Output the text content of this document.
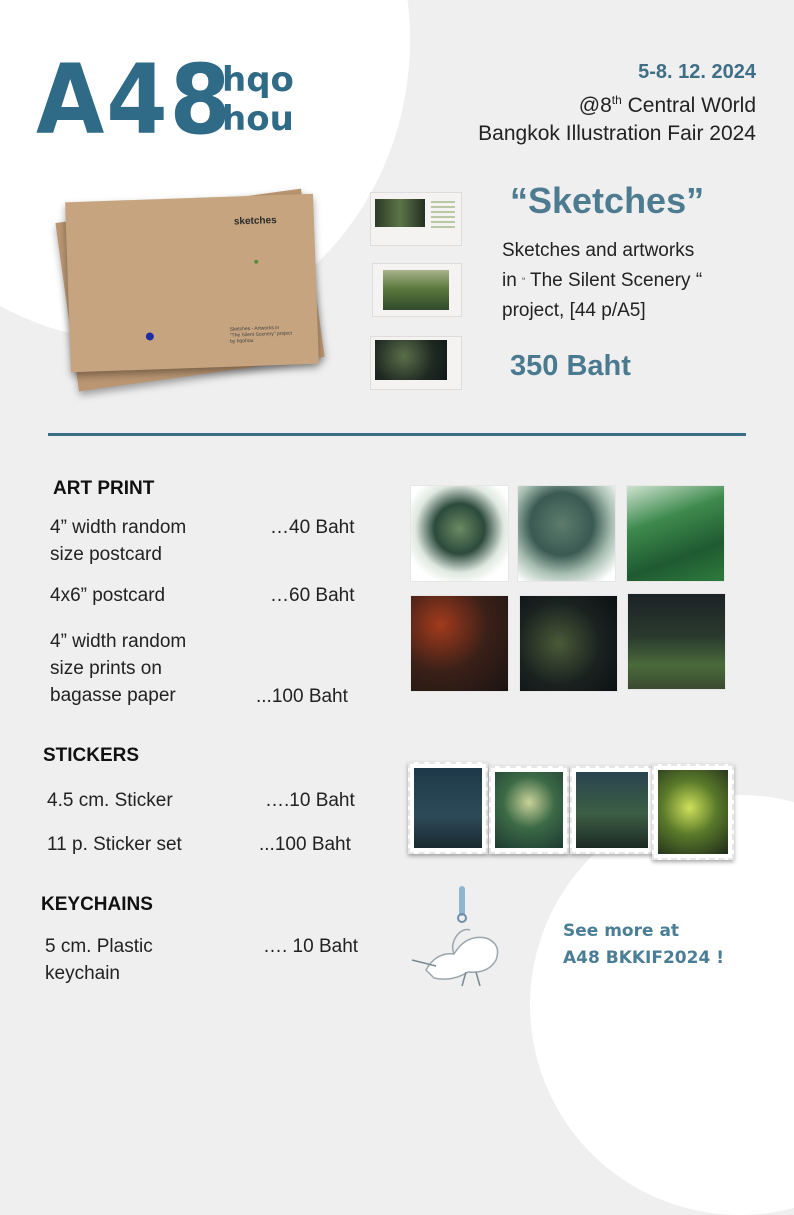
A48
hqo
hou
5-8. 12. 2024
@8th Central W0rld
Bangkok Illustration Fair 2024
sketches
Sketches - Artworks in
"The Silent Scenery" project
by hqohou
“Sketches”
Sketches and artworks
in “ The Silent Scenery “
project, [44 p/A5]
350 Baht
ART PRINT
4” width random
size postcard
…40 Baht
4x6” postcard	…60 Baht
4” width random
size prints on
bagasse paper	...100 Baht
STICKERS
4.5 cm. Sticker	….10 Baht
11 p. Sticker set	...100 Baht
KEYCHAINS
5 cm. Plastic
keychain
…. 10 Baht
See more at
A48 BKKIF2024 !
